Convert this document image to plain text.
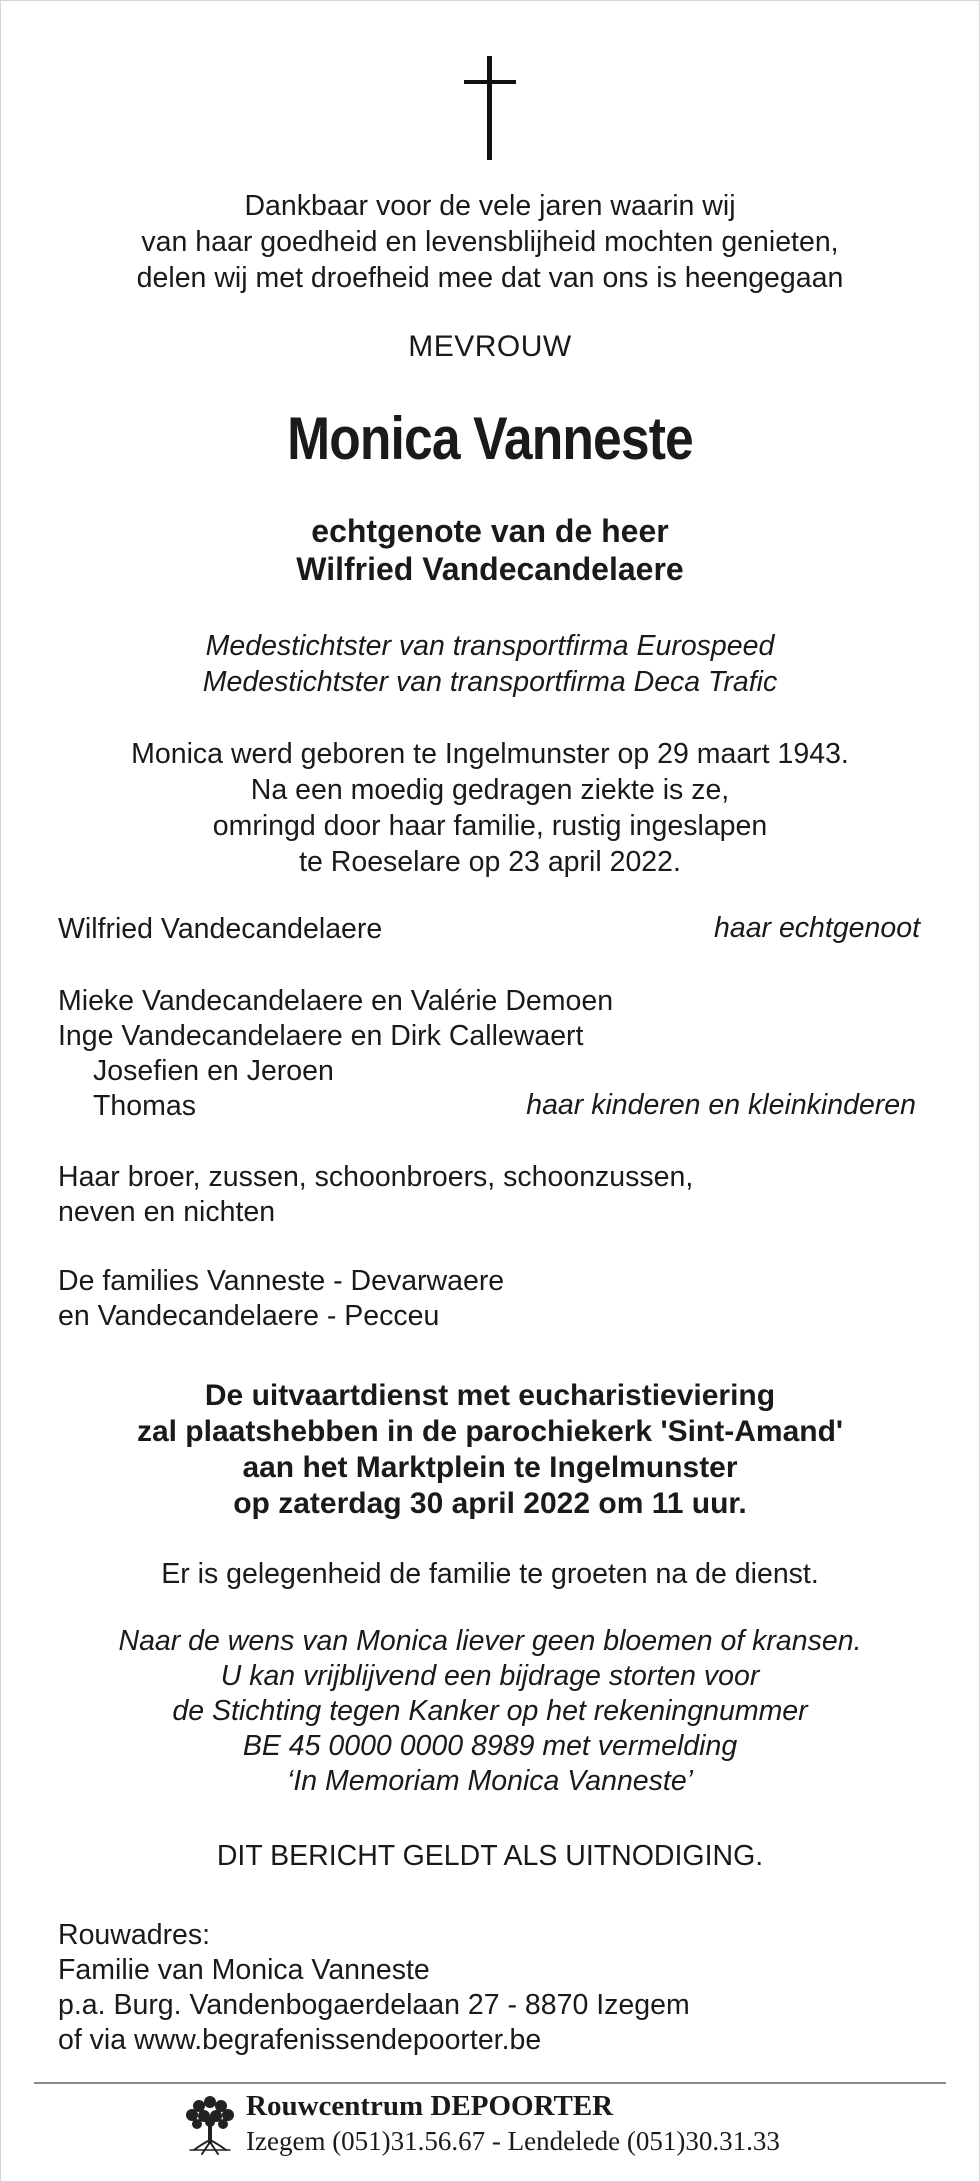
Dankbaar voor de vele jaren waarin wij
van haar goedheid en levensblijheid mochten genieten,
delen wij met droefheid mee dat van ons is heengegaan
MEVROUW
Monica Vanneste
echtgenote van de heer
Wilfried Vandecandelaere
Medestichtster van transportfirma Eurospeed
Medestichtster van transportfirma Deca Trafic
Monica werd geboren te Ingelmunster op 29 maart 1943.
Na een moedig gedragen ziekte is ze,
omringd door haar familie, rustig ingeslapen
te Roeselare op 23 april 2022.
Wilfried Vandecandelaere	haar echtgenoot
Mieke Vandecandelaere en Valérie Demoen
Inge Vandecandelaere en Dirk Callewaert
Josefien en Jeroen
Thomas	haar kinderen en kleinkinderen
Haar broer, zussen, schoonbroers, schoonzussen,
neven en nichten
De families Vanneste - Devarwaere
en Vandecandelaere - Pecceu
De uitvaartdienst met eucharistieviering
zal plaatshebben in de parochiekerk 'Sint-Amand'
aan het Marktplein te Ingelmunster
op zaterdag 30 april 2022 om 11 uur.
Er is gelegenheid de familie te groeten na de dienst.
Naar de wens van Monica liever geen bloemen of kransen.
U kan vrijblijvend een bijdrage storten voor
de Stichting tegen Kanker op het rekeningnummer
BE 45 0000 0000 8989 met vermelding
‘In Memoriam Monica Vanneste’
DIT BERICHT GELDT ALS UITNODIGING.
Rouwadres:
Familie van Monica Vanneste
p.a. Burg. Vandenbogaerdelaan 27 - 8870 Izegem
of via www.begrafenissendepoorter.be
Rouwcentrum DEPOORTER
Izegem (051)31.56.67 - Lendelede (051)30.31.33
